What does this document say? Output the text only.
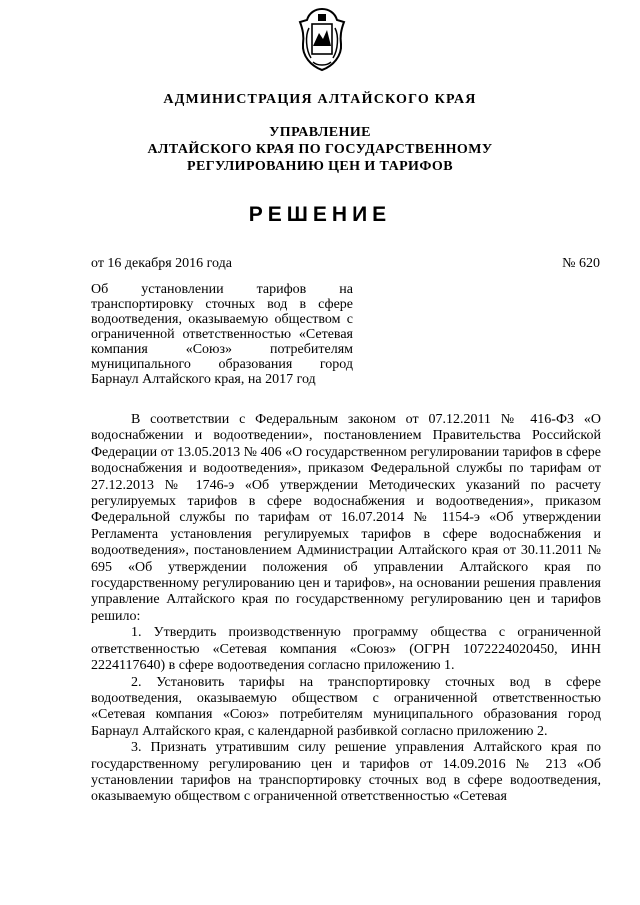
АДМИНИСТРАЦИЯ АЛТАЙСКОГО КРАЯ
УПРАВЛЕНИЕ
АЛТАЙСКОГО КРАЯ ПО ГОСУДАРСТВЕННОМУ
РЕГУЛИРОВАНИЮ ЦЕН И ТАРИФОВ
РЕШЕНИЕ
от 16 декабря 2016 года	№ 620
Об установлении тарифов на транспортировку сточных вод в сфере водоотведения, оказываемую обществом с ограниченной ответственностью «Сетевая компания «Союз» потребителям муниципального образования город Барнаул Алтайского края, на 2017 год

В соответствии с Федеральным законом от 07.12.2011 № 416-ФЗ «О водоснабжении и водоотведении», постановлением Правительства Российской Федерации от 13.05.2013 № 406 «О государственном регулировании тарифов в сфере водоснабжения и водоотведения», приказом Федеральной службы по тарифам от 27.12.2013 № 1746-э «Об утверждении Методических указаний по расчету регулируемых тарифов в сфере водоснабжения и водоотведения», приказом Федеральной службы по тарифам от 16.07.2014 № 1154-э «Об утверждении Регламента установления регулируемых тарифов в сфере водоснабжения и водоотведения», постановлением Администрации Алтайского края от 30.11.2011 № 695 «Об утверждении положения об управлении Алтайского края по государственному регулированию цен и тарифов», на основании решения правления управление Алтайского края по государственному регулированию цен и тарифов решило:

1. Утвердить производственную программу общества с ограниченной ответственностью «Сетевая компания «Союз» (ОГРН 1072224020450, ИНН 2224117640) в сфере водоотведения согласно приложению 1.

2. Установить тарифы на транспортировку сточных вод в сфере водоотведения, оказываемую обществом с ограниченной ответственностью «Сетевая компания «Союз» потребителям муниципального образования город Барнаул Алтайского края, с календарной разбивкой согласно приложению 2.

3. Признать утратившим силу решение управления Алтайского края по государственному регулированию цен и тарифов от 14.09.2016 № 213 «Об установлении тарифов на транспортировку сточных вод в сфере водоотведения, оказываемую обществом с ограниченной ответственностью «Сетевая
